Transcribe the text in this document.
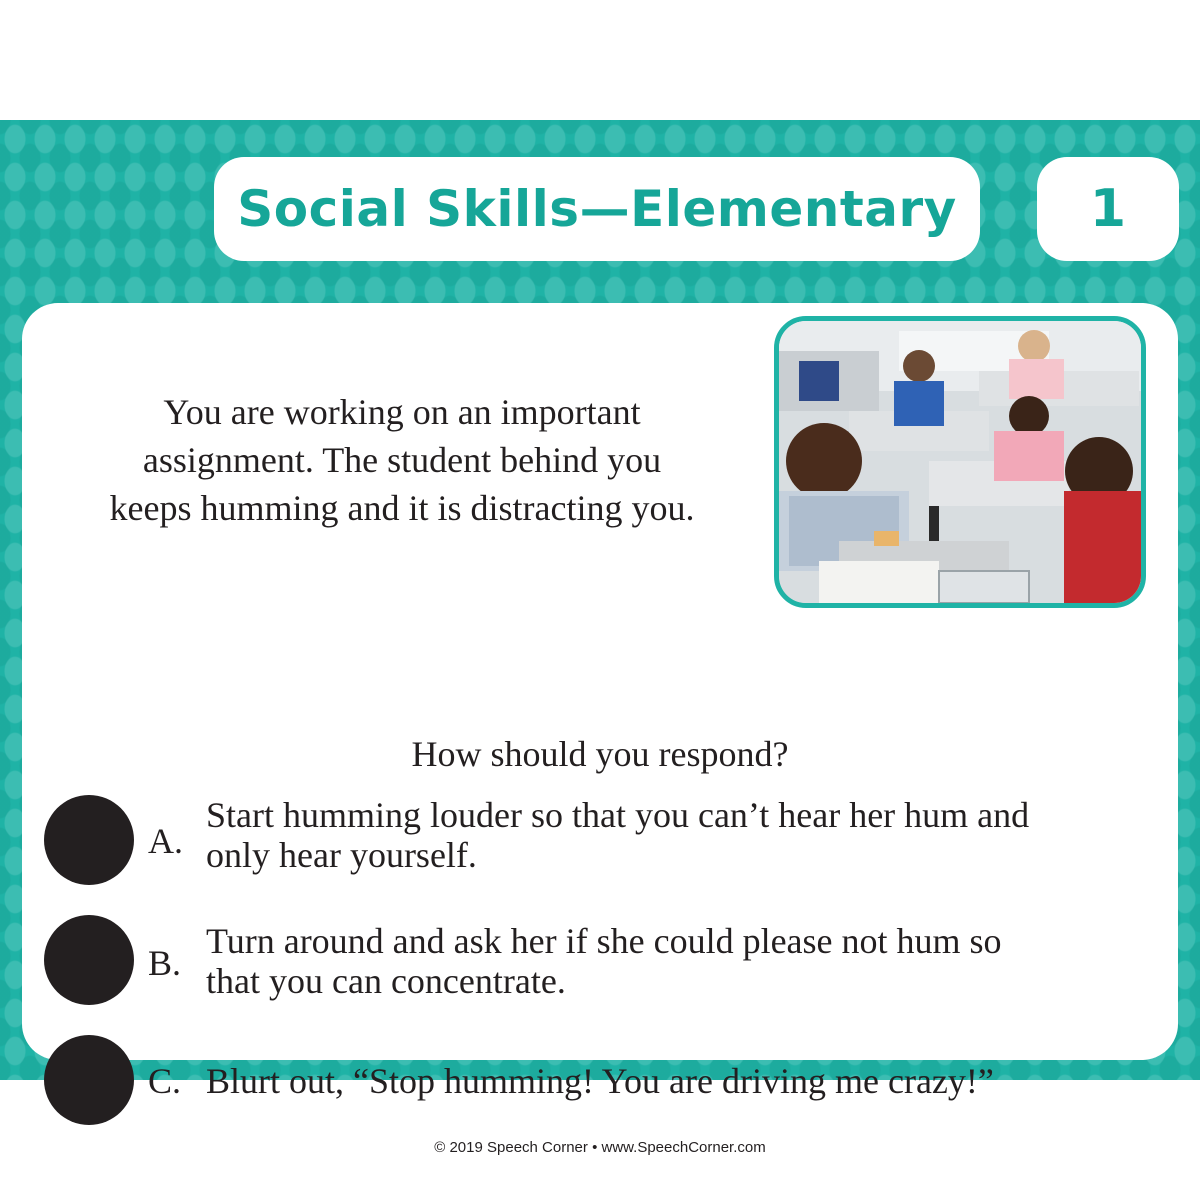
Social Skills—Elementary	1
You are working on an important
assignment. The student behind you
keeps humming and it is distracting you.
How should you respond?
A.
Start humming louder so that you can’t hear her hum and
only hear yourself.
B.
Turn around and ask her if she could please not hum so
that you can concentrate.
C. Blurt out, “Stop humming! You are driving me crazy!”
© 2019 Speech Corner • www.SpeechCorner.com
